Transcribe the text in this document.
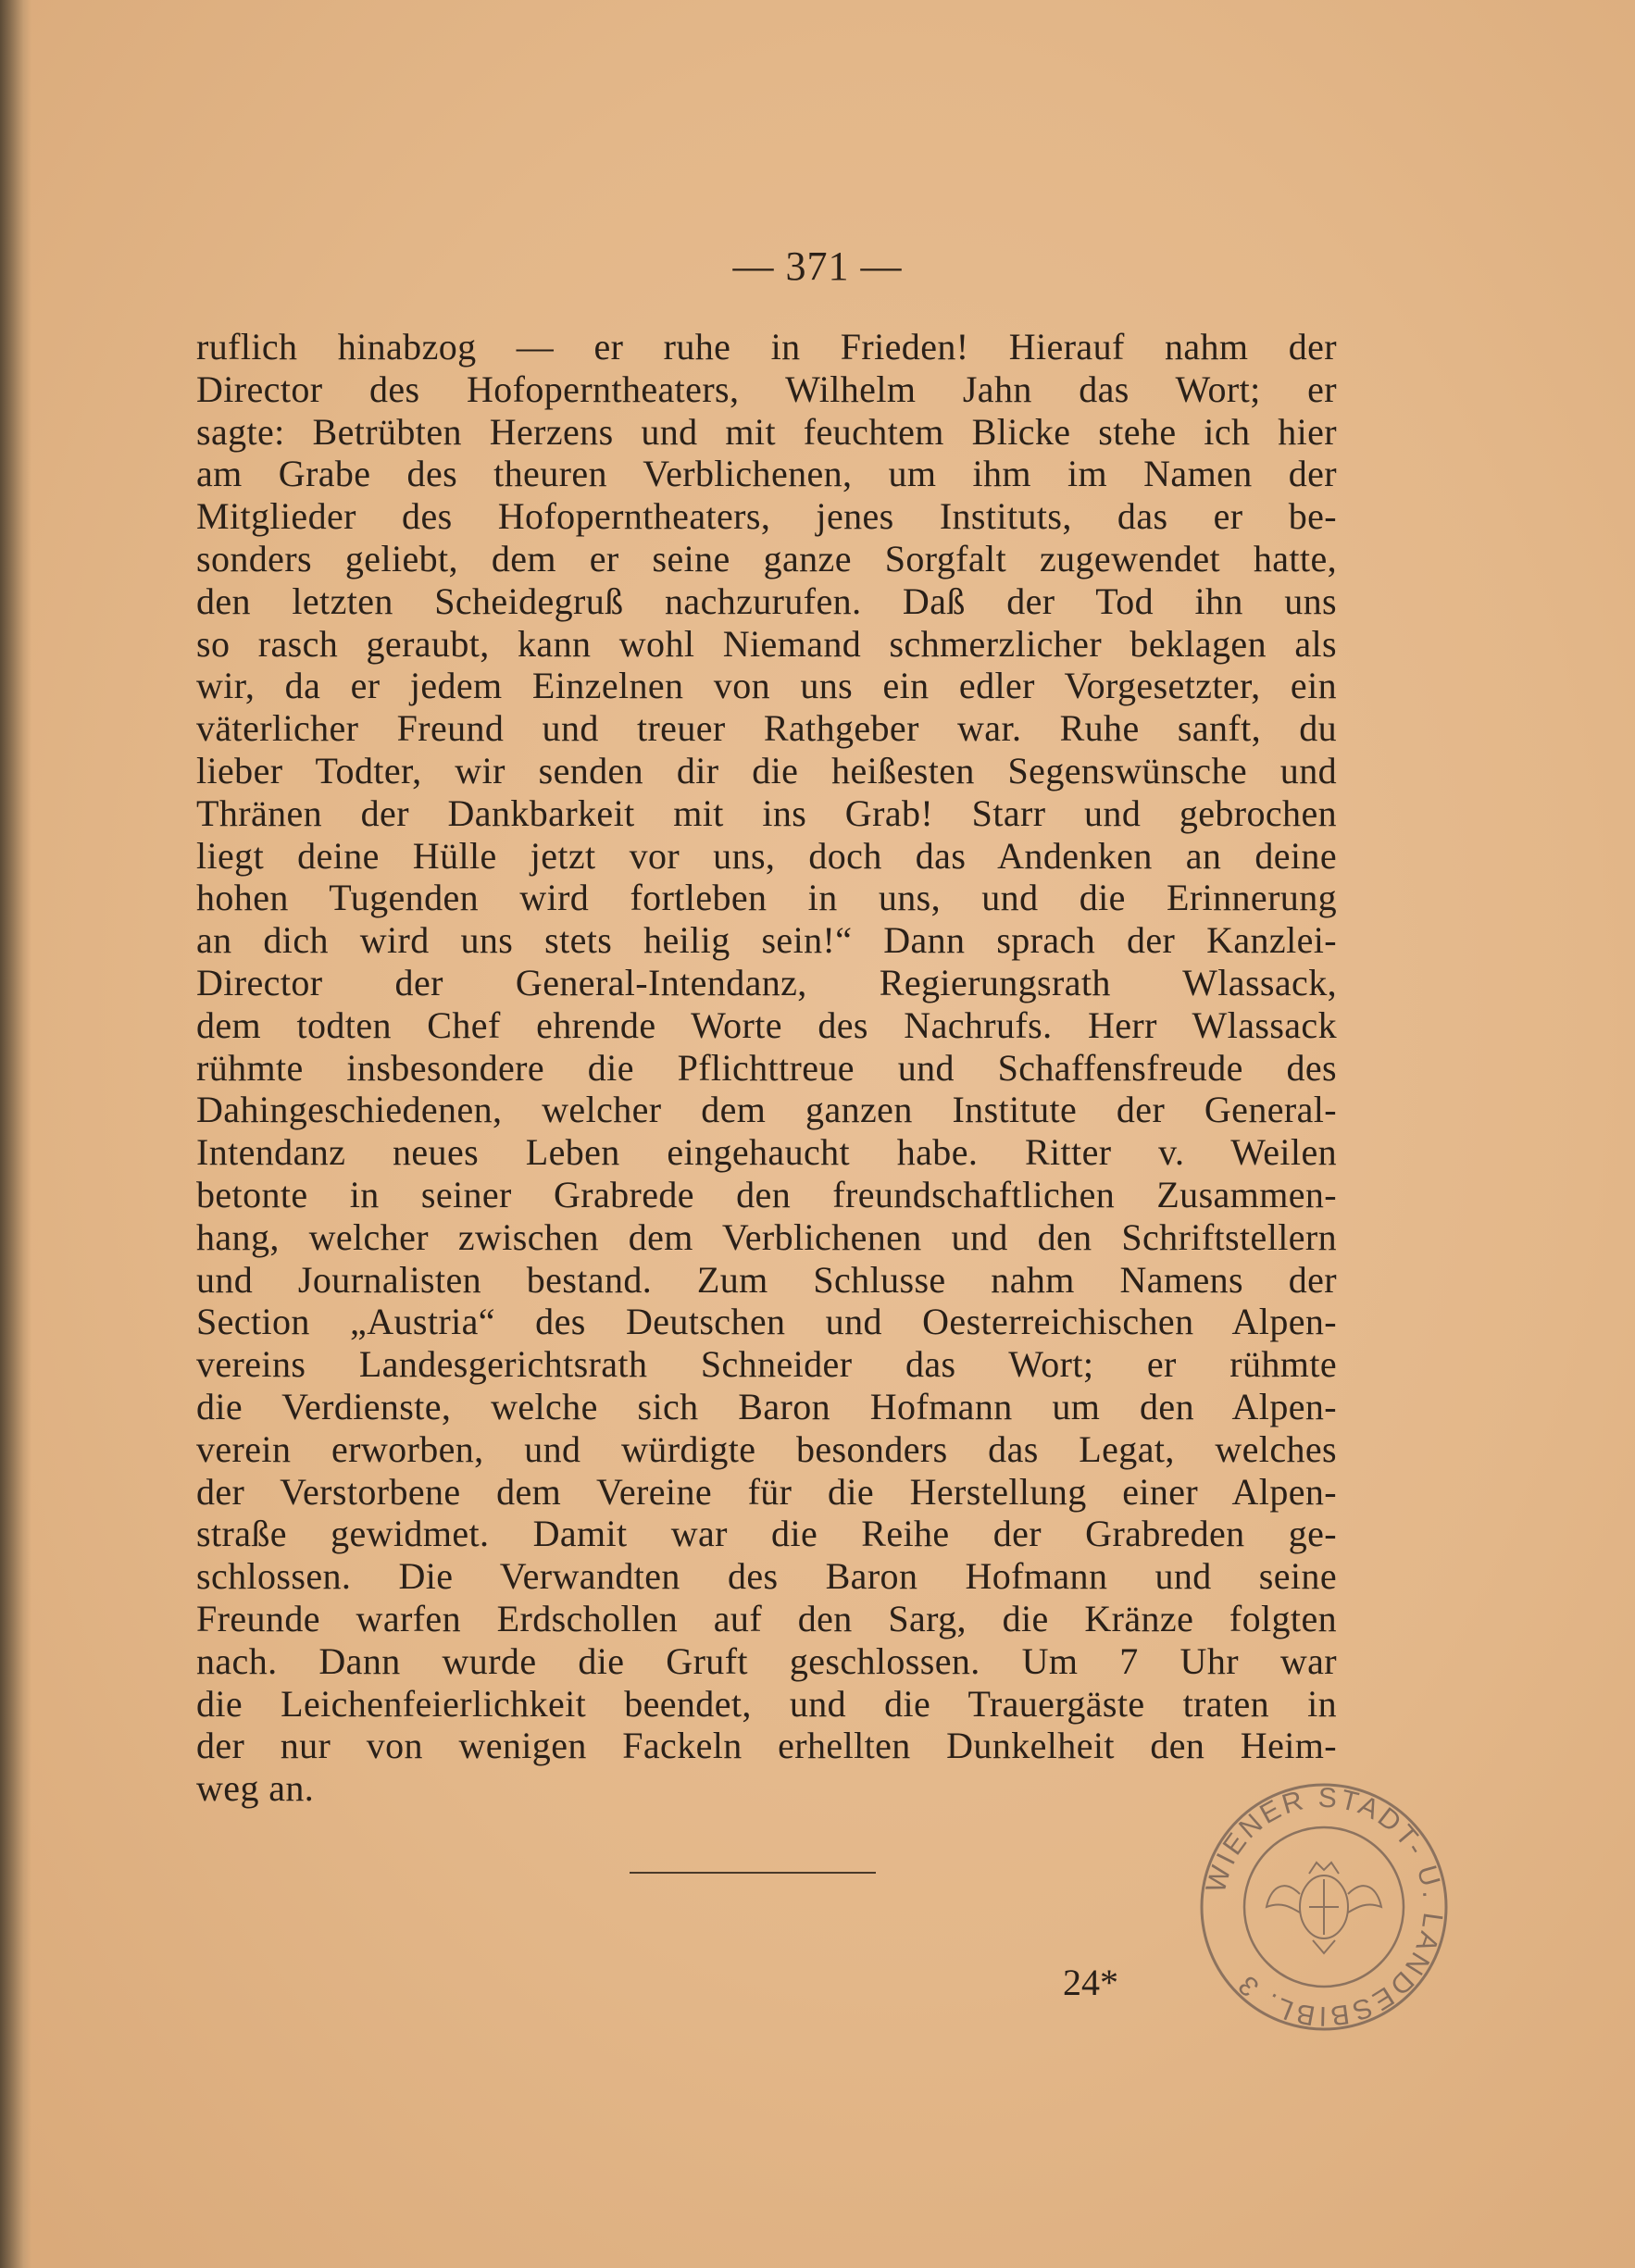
— 371 —
ruflich hinabzog — er ruhe in Frieden! Hierauf nahm der
Director des Hofoperntheaters, Wilhelm Jahn das Wort; er
sagte: Betrübten Herzens und mit feuchtem Blicke stehe ich hier
am Grabe des theuren Verblichenen, um ihm im Namen der
Mitglieder des Hofoperntheaters, jenes Instituts, das er be-
sonders geliebt, dem er seine ganze Sorgfalt zugewendet hatte,
den letzten Scheidegruß nachzurufen. Daß der Tod ihn uns
so rasch geraubt, kann wohl Niemand schmerzlicher beklagen als
wir, da er jedem Einzelnen von uns ein edler Vorgesetzter, ein
väterlicher Freund und treuer Rathgeber war. Ruhe sanft, du
lieber Todter, wir senden dir die heißesten Segenswünsche und
Thränen der Dankbarkeit mit ins Grab! Starr und gebrochen
liegt deine Hülle jetzt vor uns, doch das Andenken an deine
hohen Tugenden wird fortleben in uns, und die Erinnerung
an dich wird uns stets heilig sein!“ Dann sprach der Kanzlei-
Director der General-Intendanz, Regierungsrath Wlassack,
dem todten Chef ehrende Worte des Nachrufs. Herr Wlassack
rühmte insbesondere die Pflichttreue und Schaffensfreude des
Dahingeschiedenen, welcher dem ganzen Institute der General-
Intendanz neues Leben eingehaucht habe. Ritter v. Weilen
betonte in seiner Grabrede den freundschaftlichen Zusammen-
hang, welcher zwischen dem Verblichenen und den Schriftstellern
und Journalisten bestand. Zum Schlusse nahm Namens der
Section „Austria“ des Deutschen und Oesterreichischen Alpen-
vereins Landesgerichtsrath Schneider das Wort; er rühmte
die Verdienste, welche sich Baron Hofmann um den Alpen-
verein erworben, und würdigte besonders das Legat, welches
der Verstorbene dem Vereine für die Herstellung einer Alpen-
straße gewidmet. Damit war die Reihe der Grabreden ge-
schlossen. Die Verwandten des Baron Hofmann und seine
Freunde warfen Erdschollen auf den Sarg, die Kränze folgten
nach. Dann wurde die Gruft geschlossen. Um 7 Uhr war
die Leichenfeierlichkeit beendet, und die Trauergäste traten in
der nur von wenigen Fackeln erhellten Dunkelheit den Heim-
weg an.
24*
WIENER STADT- U. LANDESBIBL. 3
